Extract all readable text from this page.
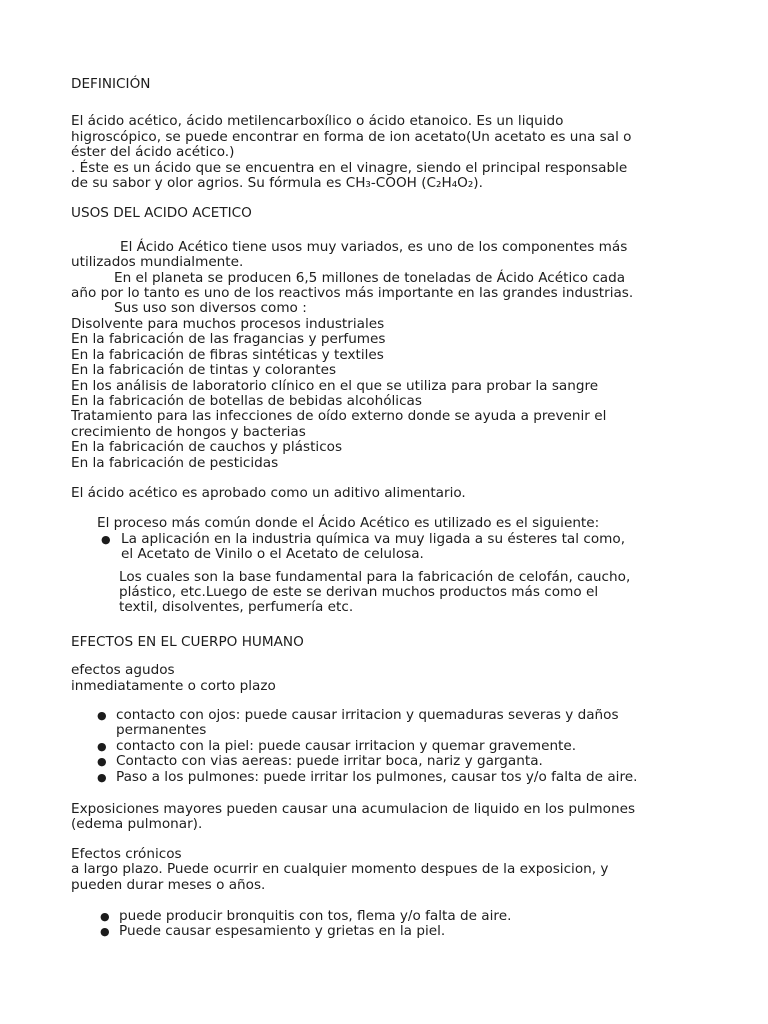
DEFINICIÓN

El ácido acético, ácido metilencarboxílico o ácido etanoico. Es un liquido

higroscópico, se puede encontrar en forma de ion acetato(Un acetato es una sal o

éster del ácido acético.)

. Éste es un ácido que se encuentra en el vinagre, siendo el principal responsable

de su sabor y olor agrios. Su fórmula es CH₃-COOH (C₂H₄O₂).

USOS DEL ACIDO ACETICO

El Ácido Acético tiene usos muy variados, es uno de los componentes más

utilizados mundialmente.

En el planeta se producen 6,5 millones de toneladas de Ácido Acético cada

año por lo tanto es uno de los reactivos más importante en las grandes industrias.

Sus uso son diversos como :

Disolvente para muchos procesos industriales

En la fabricación de las fragancias y perfumes

En la fabricación de fibras sintéticas y textiles

En la fabricación de tintas y colorantes

En los análisis de laboratorio clínico en el que se utiliza para probar la sangre

En la fabricación de botellas de bebidas alcohólicas

Tratamiento para las infecciones de oído externo donde se ayuda a prevenir el

crecimiento de hongos y bacterias

En la fabricación de cauchos y plásticos

En la fabricación de pesticidas

El ácido acético es aprobado como un aditivo alimentario.

El proceso más común donde el Ácido Acético es utilizado es el siguiente:

● La aplicación en la industria química va muy ligada a su ésteres tal como,
el Acetato de Vinilo o el Acetato de celulosa.

Los cuales son la base fundamental para la fabricación de celofán, caucho,

plástico, etc.Luego de este se derivan muchos productos más como el

textil, disolventes, perfumería etc.

EFECTOS EN EL CUERPO HUMANO

efectos agudos

inmediatamente o corto plazo

● contacto con ojos: puede causar irritacion y quemaduras severas y daños
permanentes
● contacto con la piel: puede causar irritacion y quemar gravemente.
● Contacto con vias aereas: puede irritar boca, nariz y garganta.
● Paso a los pulmones: puede irritar los pulmones, causar tos y/o falta de aire.

Exposiciones mayores pueden causar una acumulacion de liquido en los pulmones

(edema pulmonar).

Efectos crónicos

a largo plazo. Puede ocurrir en cualquier momento despues de la exposicion, y

pueden durar meses o años.

● puede producir bronquitis con tos, flema y/o falta de aire.
● Puede causar espesamiento y grietas en la piel.
